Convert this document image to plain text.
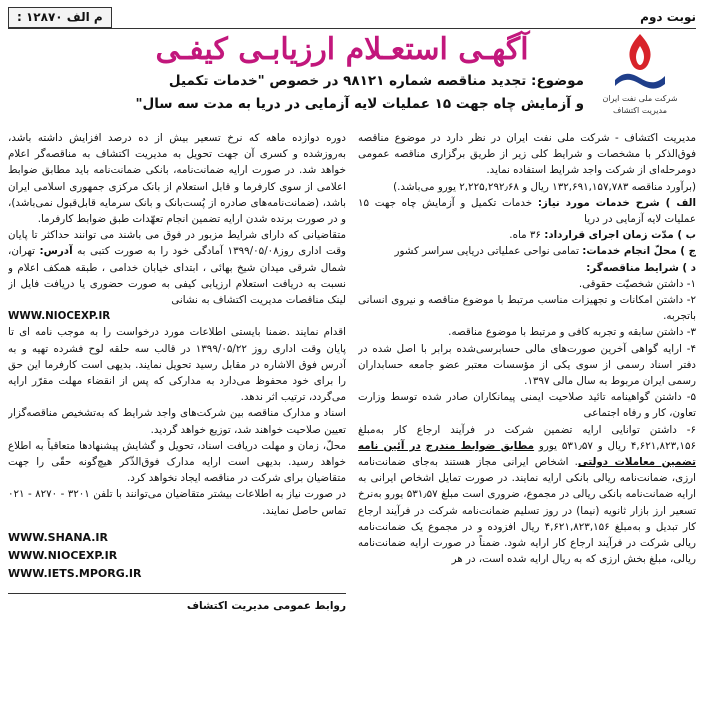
نوبت دوم
م الف ۱۲۸۷۰ :
شرکت ملی نفت ایران
مدیریت اکتشاف
آگهـی استعـلام ارزیابـی کیفـی
موضوع: تجدید مناقصه شماره ۹۸۱۲۱ در خصوص "خدمات تکمیل
و آزمایش چاه جهت ۱۵ عملیات لایه آزمایی در دریا به مدت سه سال"

مدیریت اکتشاف - شرکت ملی نفت ایران در نظر دارد در موضوع مناقصه فوق‌الذکر با مشخصات و شرایط کلی زیر از طریق برگزاری مناقصه عمومی دومرحله‌ای از شرکت واجد شرایط استفاده نماید.

(برآورد مناقصه ۱۳۲,۶۹۱,۱۵۷,۷۸۳ ریال و ۲,۲۲۵,۲۹۲٫۶۸ یورو می‌باشد.)

الف ) شرح خدمات مورد نیاز: خدمات تکمیل و آزمایش چاه جهت ۱۵ عملیات لایه آزمایی در دریا

ب ) مدّت زمان اجرای قرارداد: ۳۶ ماه.

ج ) محلّ انجام خدمات: تمامی نواحی عملیاتی دریایی سراسر کشور

د ) شرایط مناقصه‌گر:

۱- داشتن شخصیّت حقوقی.

۲- داشتن امکانات و تجهیزات مناسب مرتبط با موضوع مناقصه و نیروی انسانی باتجربه.

۳- داشتن سابقه و تجربه کافی و مرتبط با موضوع مناقصه.

۴- ارایه گواهی آخرین صورت‌های مالی حسابرسی‌شده برابر با اصل شده در دفتر اسناد رسمی از سوی یکی از مؤسسات معتبر عضو جامعه حسابداران رسمی ایران مربوط به سال مالی ۱۳۹۷.

۵- داشتن گواهینامه تائید صلاحیت ایمنی پیمانکاران صادر شده توسط وزارت تعاون، کار و رفاه اجتماعی

۶- داشتن توانایی ارایه تضمین شرکت در فرآیند ارجاع کار به‌مبلغ ۴,۶۲۱,۸۲۳,۱۵۶ ریال و ۵۳۱٫۵۷ یورو مطابق ضوابط مندرج در آئین نامه تضمین معاملات دولتی. اشخاص ایرانی مجاز هستند به‌جای ضمانت‌نامه ارزی، ضمانت‌نامه ریالی بانکی ارایه نمایند. در صورت تمایل اشخاص ایرانی به ارایه ضمانت‌نامه بانکی ریالی در مجموع، ضروری است مبلغ ۵۳۱٫۵۷ یورو به‌نرخ تسعیر ارز بازار ثانویه (نیما) در روز تسلیم ضمانت‌نامه شرکت در فرآیند ارجاع کار تبدیل و به‌مبلغ ۴,۶۲۱,۸۲۳,۱۵۶ ریال افزوده و در مجموع یک ضمانت‌نامه ریالی شرکت در فرآیند ارجاع کار ارایه شود. ضمناً در صورت ارایه ضمانت‌نامه ریالی، مبلغ بخش ارزی که به ریال ارایه شده است، در هر

دوره دوازده ماهه که نرخ تسعیر بیش از ده درصد افزایش داشته باشد، به‌روزشده و کسری آن جهت تحویل به مدیریت اکتشاف به مناقصه‌گر اعلام خواهد شد. در صورت ارایه ضمانت‌نامه، بانکی ضمانت‌نامه باید مطابق ضوابط اعلامی از سوی کارفرما و قابل استعلام از بانک مرکزی جمهوری اسلامی ایران باشد، (ضمانت‌نامه‌های صادره از پُست‌بانک و بانک سرمایه قابل‌قبول نمی‌باشد)، و در صورت برنده شدن ارایه تضمین انجام تعهّدات طبق ضوابط کارفرما.

متقاضیانی که دارای شرایط مزبور در فوق می باشند می توانند حداکثر تا پایان وقت اداری روز۱۳۹۹/۰۵/۰۸ آمادگی خود را به صورت کتبی به آدرس: تهران، شمال شرقی میدان شیخ بهائی ، ابتدای خیابان خدامی ، طبقه همکف اعلام و نسبت به دریافت استعلام ارزیابی کیفی به صورت حضوری یا دریافت فایل از لینک مناقصات مدیریت اکتشاف به نشانی

WWW.NIOCEXP.IR

اقدام نمایند .ضمنا بایستی اطلاعات مورد درخواست را به موجب نامه ای تا پایان وقت اداری روز ۱۳۹۹/۰۵/۲۲ در قالب سه حلقه لوح فشرده تهیه و به آدرس فوق الاشاره در مقابل رسید تحویل نمایند. بدیهی است کارفرما این حق را برای خود محفوظ می‌دارد به مدارکی که پس از انقضاء مهلت مقرّر ارایه می‌گردد، ترتیب اثر ندهد.

اسناد و مدارک مناقصه بین شرکت‌های واجد شرایط که به‌تشخیص مناقصه‌گزار تعیین صلاحیت خواهند شد، توزیع خواهد گردید.

محلّ، زمان و مهلت دریافت اسناد، تحویل و گشایش پیشنهادها متعاقباً به اطلاع خواهد رسید. بدیهی است ارایه مدارک فوق‌الذّکر هیچ‌گونه حقّی را جهت متقاضیان برای شرکت در مناقصه ایجاد نخواهد کرد.

در صورت نیاز به اطلاعات بیشتر متقاضیان می‌توانند با تلفن ۳۲۰۱ - ۸۲۷۰ - ۰۲۱ تماس حاصل نمایند.

WWW.SHANA.IR
WWW.NIOCEXP.IR
WWW.IETS.MPORG.IR
روابط عمومی مدیریت اکتشاف
